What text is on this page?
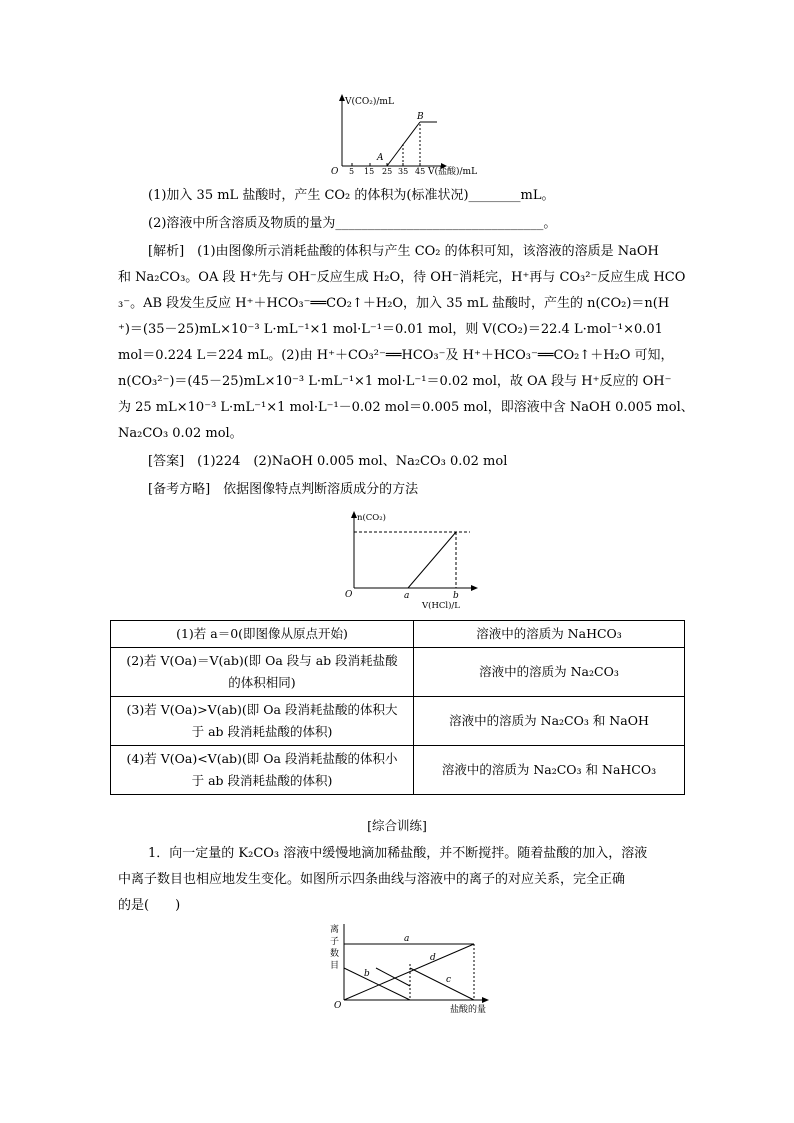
V(CO₂)/mL
O 5 15 25 35 45
A
B
V(盐酸)/mL
(1)加入 35 mL 盐酸时，产生 CO₂ 的体积为(标准状况)________mL。
(2)溶液中所含溶质及物质的量为________________________________。
[解析]　(1)由图像所示消耗盐酸的体积与产生 CO₂ 的体积可知，该溶液的溶质是 NaOH
和 Na₂CO₃。OA 段 H⁺先与 OH⁻反应生成 H₂O，待 OH⁻消耗完，H⁺再与 CO₃²⁻反应生成 HCO
₃⁻。AB 段发生反应 H⁺＋HCO₃⁻══CO₂↑＋H₂O，加入 35 mL 盐酸时，产生的 n(CO₂)＝n(H
⁺)＝(35－25)mL×10⁻³ L·mL⁻¹×1 mol·L⁻¹＝0.01 mol，则 V(CO₂)＝22.4 L·mol⁻¹×0.01
mol＝0.224 L＝224 mL。(2)由 H⁺＋CO₃²⁻══HCO₃⁻及 H⁺＋HCO₃⁻══CO₂↑＋H₂O 可知，
n(CO₃²⁻)＝(45－25)mL×10⁻³ L·mL⁻¹×1 mol·L⁻¹＝0.02 mol，故 OA 段与 H⁺反应的 OH⁻
为 25 mL×10⁻³ L·mL⁻¹×1 mol·L⁻¹－0.02 mol＝0.005 mol，即溶液中含 NaOH 0.005 mol、
Na₂CO₃ 0.02 mol。
[答案]　(1)224　(2)NaOH 0.005 mol、Na₂CO₃ 0.02 mol
[备考方略]　依据图像特点判断溶质成分的方法
n(CO₂)
O	a	b
V(HCl)/L
(1)若 a＝0(即图像从原点开始)	溶液中的溶质为 NaHCO₃
(2)若 V(Oa)＝V(ab)(即 Oa 段与 ab 段消耗盐酸
的体积相同)	溶液中的溶质为 Na₂CO₃
(3)若 V(Oa)>V(ab)(即 Oa 段消耗盐酸的体积大
于 ab 段消耗盐酸的体积)	溶液中的溶质为 Na₂CO₃ 和 NaOH
(4)若 V(Oa)<V(ab)(即 Oa 段消耗盐酸的体积小
于 ab 段消耗盐酸的体积)	溶液中的溶质为 Na₂CO₃ 和 NaHCO₃
[综合训练]
1．向一定量的 K₂CO₃ 溶液中缓慢地滴加稀盐酸，并不断搅拌。随着盐酸的加入，溶液
中离子数目也相应地发生变化。如图所示四条曲线与溶液中的离子的对应关系，完全正确
的是(　　)
离
子
数
目
O
a
b
d
c
盐酸的量
